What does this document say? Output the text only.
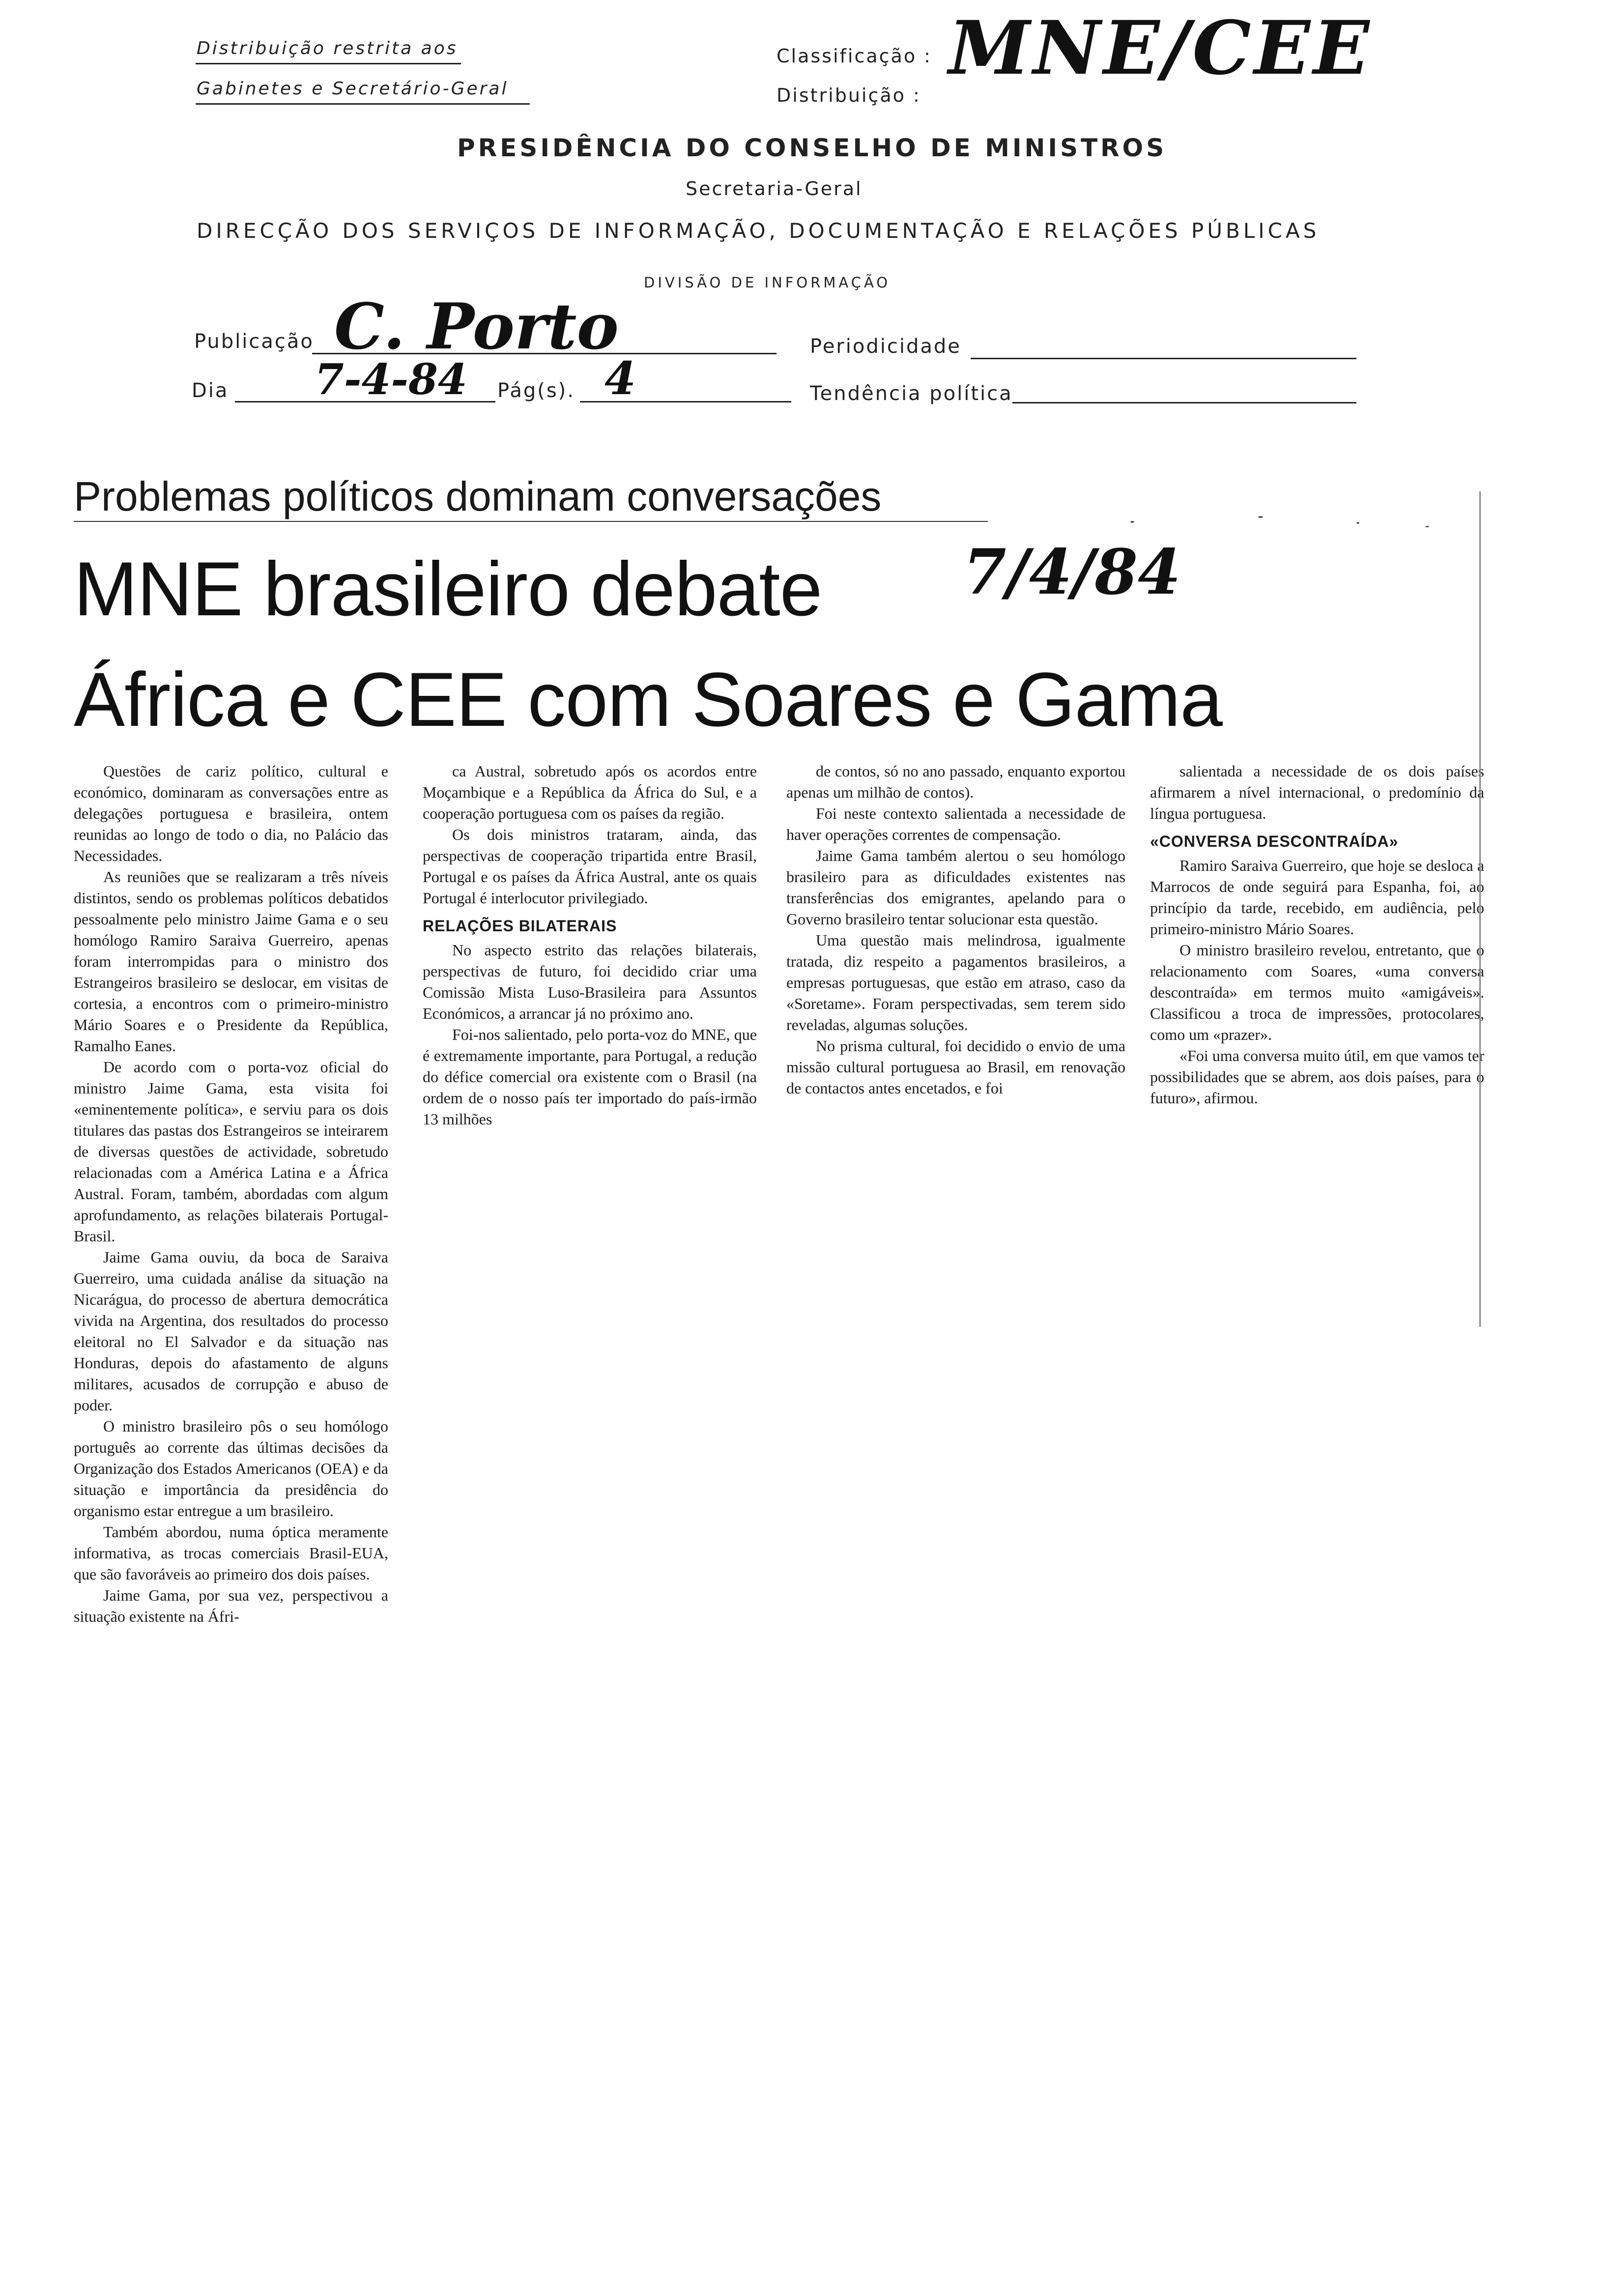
Distribuição restrita aos
Gabinetes e Secretário-Geral
Classificação : MNE/CEE
Distribuição :
PRESIDÊNCIA DO CONSELHO DE MINISTROS
Secretaria-Geral
DIRECÇÃO DOS SERVIÇOS DE INFORMAÇÃO, DOCUMENTAÇÃO E RELAÇÕES PÚBLICAS
DIVISÃO DE INFORMAÇÃO
Publicação C. Porto	Periodicidade
Dia 7-4-84 Pág(s). 4	Tendência política
Problemas políticos dominam conversações
MNE brasileiro debate 7/4/84
África e CEE com Soares e Gama

Questões de cariz político, cultural e económico, dominaram as conversações entre as delegações portuguesa e brasileira, ontem reunidas ao longo de todo o dia, no Palácio das Necessidades.

As reuniões que se realizaram a três níveis distintos, sendo os problemas políticos debatidos pessoalmente pelo ministro Jaime Gama e o seu homólogo Ramiro Saraiva Guerreiro, apenas foram interrompidas para o ministro dos Estrangeiros brasileiro se deslocar, em visitas de cortesia, a encontros com o primeiro-ministro Mário Soares e o Presidente da República, Ramalho Eanes.

De acordo com o porta-voz oficial do ministro Jaime Gama, esta visita foi «eminentemente política», e serviu para os dois titulares das pastas dos Estrangeiros se inteirarem de diversas questões de actividade, sobretudo relacionadas com a América Latina e a África Austral. Foram, também, abordadas com algum aprofundamento, as relações bilaterais Portugal-Brasil.

Jaime Gama ouviu, da boca de Saraiva Guerreiro, uma cuidada análise da situação na Nicarágua, do processo de abertura democrática vivida na Argentina, dos resultados do processo eleitoral no El Salvador e da situação nas Honduras, depois do afastamento de alguns militares, acusados de corrupção e abuso de poder.

O ministro brasileiro pôs o seu homólogo português ao corrente das últimas decisões da Organização dos Estados Americanos (OEA) e da situação e importância da presidência do organismo estar entregue a um brasileiro.

Também abordou, numa óptica meramente informativa, as trocas comerciais Brasil-EUA, que são favoráveis ao primeiro dos dois países.

Jaime Gama, por sua vez, perspectivou a situação existente na Áfri-

ca Austral, sobretudo após os acordos entre Moçambique e a República da África do Sul, e a cooperação portuguesa com os países da região.

Os dois ministros trataram, ainda, das perspectivas de cooperação tripartida entre Brasil, Portugal e os países da África Austral, ante os quais Portugal é interlocutor privilegiado.

RELAÇÕES BILATERAIS

No aspecto estrito das relações bilaterais, perspectivas de futuro, foi decidido criar uma Comissão Mista Luso-Brasileira para Assuntos Económicos, a arrancar já no próximo ano.

Foi-nos salientado, pelo porta-voz do MNE, que é extremamente importante, para Portugal, a redução do défice comercial ora existente com o Brasil (na ordem de o nosso país ter importado do país-irmão 13 milhões

de contos, só no ano passado, enquanto exportou apenas um milhão de contos).

Foi neste contexto salientada a necessidade de haver operações correntes de compensação.

Jaime Gama também alertou o seu homólogo brasileiro para as dificuldades existentes nas transferências dos emigrantes, apelando para o Governo brasileiro tentar solucionar esta questão.

Uma questão mais melindrosa, igualmente tratada, diz respeito a pagamentos brasileiros, a empresas portuguesas, que estão em atraso, caso da «Soretame». Foram perspectivadas, sem terem sido reveladas, algumas soluções.

No prisma cultural, foi decidido o envio de uma missão cultural portuguesa ao Brasil, em renovação de contactos antes encetados, e foi

salientada a necessidade de os dois países afirmarem a nível internacional, o predomínio da língua portuguesa.

«CONVERSA DESCONTRAÍDA»

Ramiro Saraiva Guerreiro, que hoje se desloca a Marrocos de onde seguirá para Espanha, foi, ao princípio da tarde, recebido, em audiência, pelo primeiro-ministro Mário Soares.

O ministro brasileiro revelou, entretanto, que o relacionamento com Soares, «uma conversa descontraída» em termos muito «amigáveis». Classificou a troca de impressões, protocolares, como um «prazer».

«Foi uma conversa muito útil, em que vamos ter possibilidades que se abrem, aos dois países, para o futuro», afirmou.
